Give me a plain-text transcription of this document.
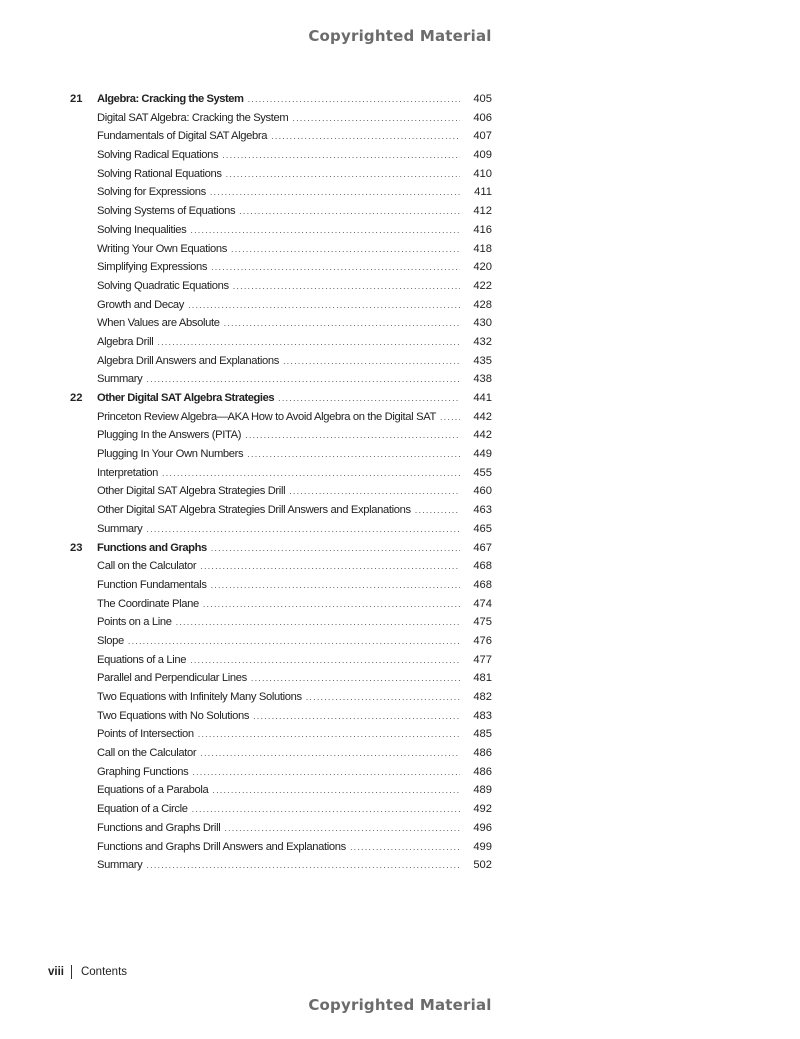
Copyrighted Material
21 Algebra: Cracking the System .....	405
Digital SAT Algebra: Cracking the System .....	406
Fundamentals of Digital SAT Algebra .....	407
Solving Radical Equations .....	409
Solving Rational Equations .....	410
Solving for Expressions .....	411
Solving Systems of Equations .....	412
Solving Inequalities .....	416
Writing Your Own Equations .....	418
Simplifying Expressions .....	420
Solving Quadratic Equations .....	422
Growth and Decay .....	428
When Values are Absolute .....	430
Algebra Drill .....	432
Algebra Drill Answers and Explanations .....	435
Summary .....	438
22 Other Digital SAT Algebra Strategies .....	441
Princeton Review Algebra—AKA How to Avoid Algebra on the Digital SAT .....	442
Plugging In the Answers (PITA) .....	442
Plugging In Your Own Numbers .....	449
Interpretation .....	455
Other Digital SAT Algebra Strategies Drill .....	460
Other Digital SAT Algebra Strategies Drill Answers and Explanations .....	463
Summary .....	465
23 Functions and Graphs .....	467
Call on the Calculator .....	468
Function Fundamentals .....	468
The Coordinate Plane .....	474
Points on a Line .....	475
Slope .....	476
Equations of a Line .....	477
Parallel and Perpendicular Lines .....	481
Two Equations with Infinitely Many Solutions .....	482
Two Equations with No Solutions .....	483
Points of Intersection .....	485
Call on the Calculator .....	486
Graphing Functions .....	486
Equations of a Parabola .....	489
Equation of a Circle .....	492
Functions and Graphs Drill .....	496
Functions and Graphs Drill Answers and Explanations .....	499
Summary .....	502
viii	Contents
Copyrighted Material
